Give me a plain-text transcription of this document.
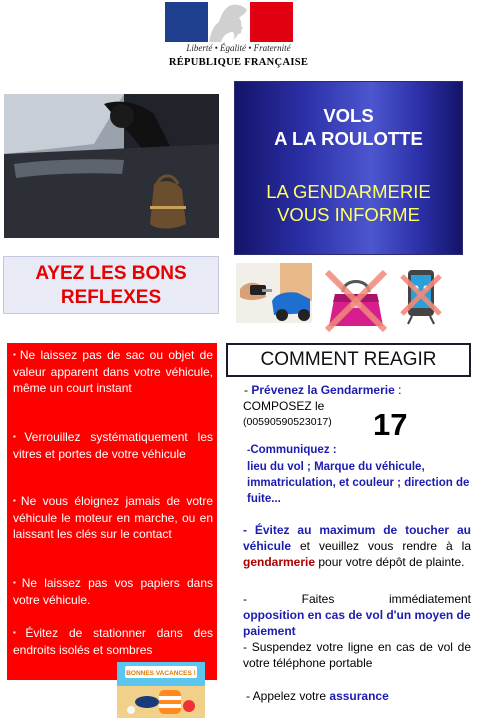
Liberté • Égalité • Fraternité
RÉPUBLIQUE FRANÇAISE
VOLS
A LA ROULOTTE
LA GENDARMERIE
VOUS INFORME
AYEZ LES BONS
REFLEXES
▪ Ne laissez pas de sac ou objet de valeur apparent dans votre véhicule, même un court instant
▪ Verrouillez systématiquement les vitres et portes de votre véhicule
▪ Ne vous éloignez jamais de votre véhicule le moteur en marche, ou en laissant les clés sur le contact
▪ Ne laissez pas vos papiers dans votre véhicule.
▪ Évitez de stationner dans des endroits isolés et sombres
BONNES VACANCES !
COMMENT REAGIR
- Prévenez la Gendarmerie :
COMPOSEZ le
(00590590523017) 17
-Communiquez :
lieu du vol ; Marque du véhicule, immatriculation, et couleur ; direction de fuite...
- Évitez au maximum de toucher au véhicule et veuillez vous rendre à la gendarmerie pour votre dépôt de plainte.
- Faites immédiatement
opposition en cas de vol d'un moyen de paiement
- Suspendez votre ligne en cas de vol de votre téléphone portable
- Appelez votre assurance
